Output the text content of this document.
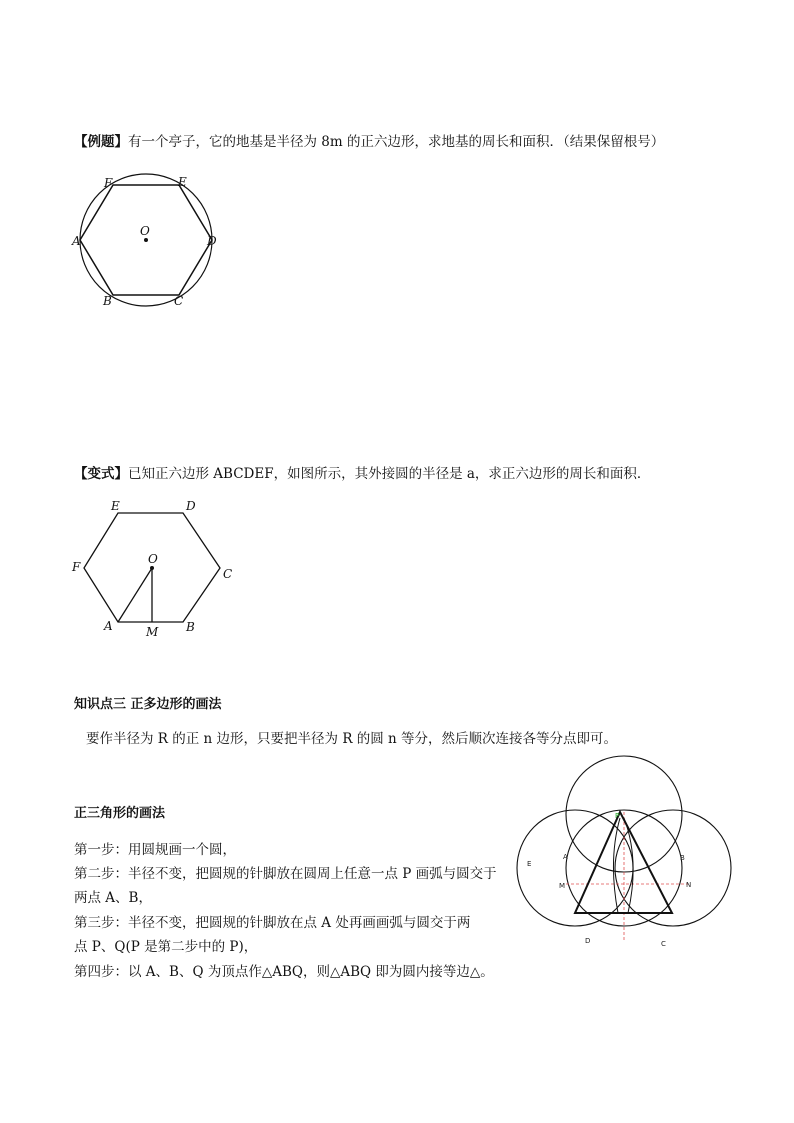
【例题】有一个亭子，它的地基是半径为 8m 的正六边形，求地基的周长和面积．（结果保留根号）
F	E
A	D
O
B	C
【变式】已知正六边形 ABCDEF，如图所示，其外接圆的半径是 a，求正六边形的周长和面积．
E	D
F
O
C
A	M B
知识点三 正多边形的画法
要作半径为 R 的正 n 边形，只要把半径为 R 的圆 n 等分，然后顺次连接各等分点即可。
正三角形的画法
第一步：用圆规画一个圆，
第二步：半径不变，把圆规的针脚放在圆周上任意一点 P 画弧与圆交于
两点 A、B，
第三步：半径不变，把圆规的针脚放在点 A 处再画画弧与圆交于两
点 P、Q(P 是第二步中的 P)，
第四步：以 A、B、Q 为顶点作△ABQ，则△ABQ 即为圆内接等边△。
P
A	B
E
M	N
D	C
